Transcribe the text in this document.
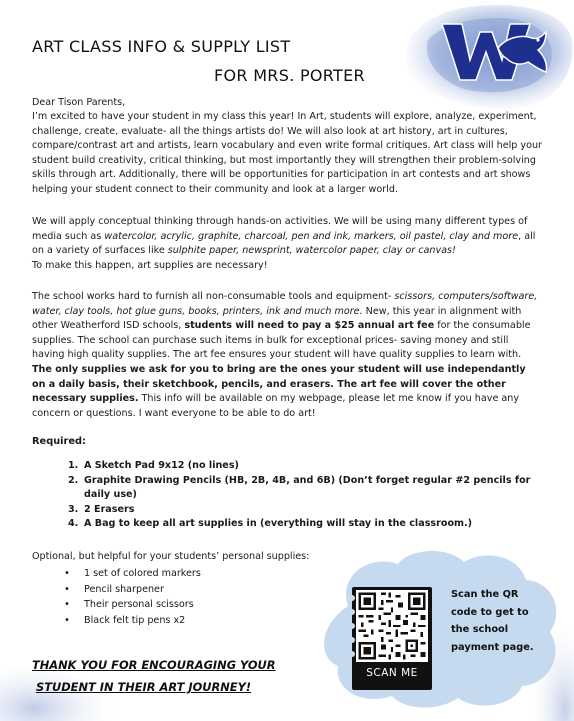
ART CLASS INFO & SUPPLY LIST
FOR MRS. PORTER
Dear Tison Parents,

I’m excited to have your student in my class this year! In Art, students will explore, analyze, experiment, challenge, create, evaluate- all the things artists do! We will also look at art history, art in cultures, compare/contrast art and artists, learn vocabulary and even write formal critiques. Art class will help your student build creativity, critical thinking, but most importantly they will strengthen their problem-solving skills through art. Additionally, there will be opportunities for participation in art contests and art shows helping your student connect to their community and look at a larger world.

We will apply conceptual thinking through hands-on activities. We will be using many different types of media such as watercolor, acrylic, graphite, charcoal, pen and ink, markers, oil pastel, clay and more, all on a variety of surfaces like sulphite paper, newsprint, watercolor paper, clay or canvas!

To make this happen, art supplies are necessary!

The school works hard to furnish all non-consumable tools and equipment- scissors, computers/software, water, clay tools, hot glue guns, books, printers, ink and much more. New, this year in alignment with other Weatherford ISD schools, students will need to pay a $25 annual art fee for the consumable supplies. The school can purchase such items in bulk for exceptional prices- saving money and still having high quality supplies. The art fee ensures your student will have quality supplies to learn with. The only supplies we ask for you to bring are the ones your student will use independantly on a daily basis, their sketchbook, pencils, and erasers. The art fee will cover the other necessary supplies. This info will be available on my webpage, please let me know if you have any concern or questions. I want everyone to be able to do art!

Required:
1. A Sketch Pad 9x12 (no lines)
2. Graphite Drawing Pencils (HB, 2B, 4B, and 6B) (Don’t forget regular #2 pencils for daily use)
3. 2 Erasers
4. A Bag to keep all art supplies in (everything will stay in the classroom.)
Optional, but helpful for your students’ personal supplies:
•	1 set of colored markers
•	Pencil sharpener
•	Their personal scissors
•	Black felt tip pens x2
THANK YOU FOR ENCOURAGING YOUR
STUDENT IN THEIR ART JOURNEY!
SCAN ME
Scan the QR code to get to the school payment page.
